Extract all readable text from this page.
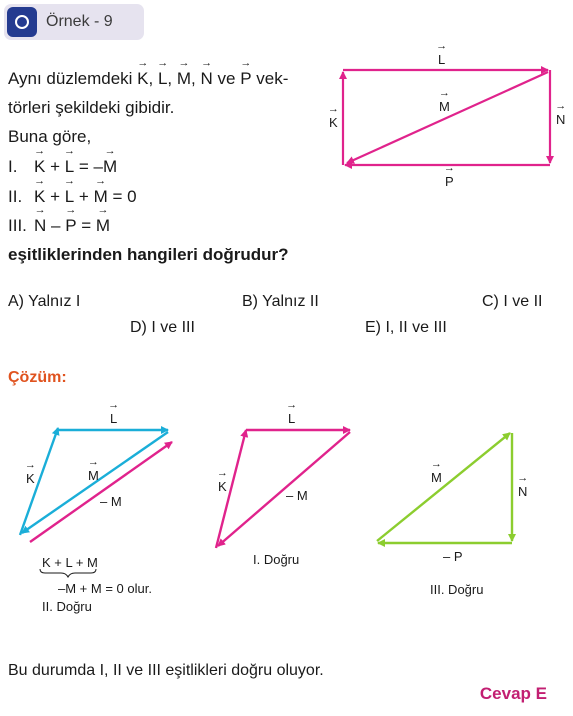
Örnek - 9
Aynı düzlemdeki → K, → L, → M, → N ve → P vek-
törleri şekildeki gibidir.
Buna göre,
I. → K + → L = –→ M
II. → K + → L + → M = 0
III. → N – → P = → M
eşitliklerinden hangileri doğrudur?
A) Yalnız I	B) Yalnız II	C) I ve II
D) I ve III	E) I, II ve III
Çözüm:
→ L
→ M
→ K	→ N
→ P
→ L
→ K	→ M
– M
K + L + M
–M + M = 0 olur.
II. Doğru
→ L
→ K
– M
I. Doğru
→ M
→ N
– P
III. Doğru
Bu durumda I, II ve III eşitlikleri doğru oluyor.
Cevap E
